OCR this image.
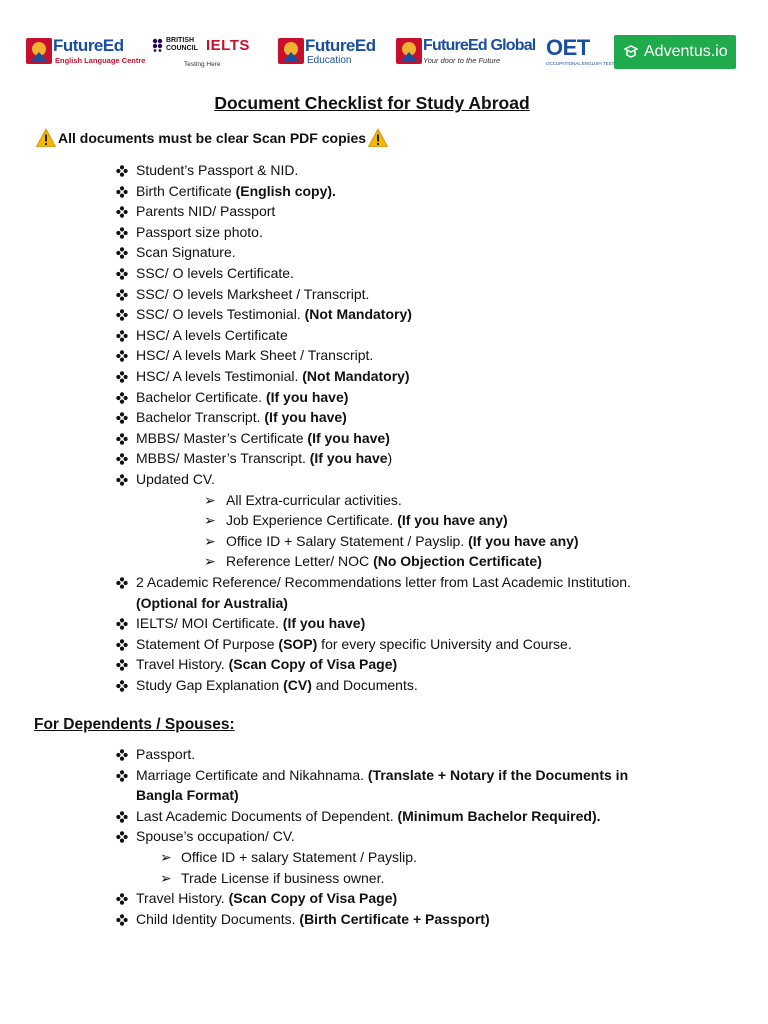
FutureEd
English Language Centre
BRITISH
COUNCIL IELTS
Testing Here
FutureEd
Education
FutureEd Global
Your door to the Future
OET
OCCUPATIONAL ENGLISH TEST
Adventus.io
Document Checklist for Study Abroad
All documents must be clear Scan PDF copies
Student’s Passport & NID.
Birth Certificate (English copy).
Parents NID/ Passport
Passport size photo.
Scan Signature.
SSC/ O levels Certificate.
SSC/ O levels Marksheet / Transcript.
SSC/ O levels Testimonial. (Not Mandatory)
HSC/ A levels Certificate
HSC/ A levels Mark Sheet / Transcript.
HSC/ A levels Testimonial. (Not Mandatory)
Bachelor Certificate. (If you have)
Bachelor Transcript. (If you have)
MBBS/ Master’s Certificate (If you have)
MBBS/ Master’s Transcript. (If you have)
Updated CV.
➢ All Extra-curricular activities.
➢ Job Experience Certificate. (If you have any)
➢ Office ID + Salary Statement / Payslip. (If you have any)
➢ Reference Letter/ NOC (No Objection Certificate)
2 Academic Reference/ Recommendations letter from Last Academic Institution.
(Optional for Australia)
IELTS/ MOI Certificate. (If you have)
Statement Of Purpose (SOP) for every specific University and Course.
Travel History. (Scan Copy of Visa Page)
Study Gap Explanation (CV) and Documents.
Passport.
Marriage Certificate and Nikahnama. (Translate + Notary if the Documents in
Bangla Format)
Last Academic Documents of Dependent. (Minimum Bachelor Required).
Spouse’s occupation/ CV.
➢ Office ID + salary Statement / Payslip.
➢ Trade License if business owner.
Travel History. (Scan Copy of Visa Page)
Child Identity Documents. (Birth Certificate + Passport)
For Dependents / Spouses:
